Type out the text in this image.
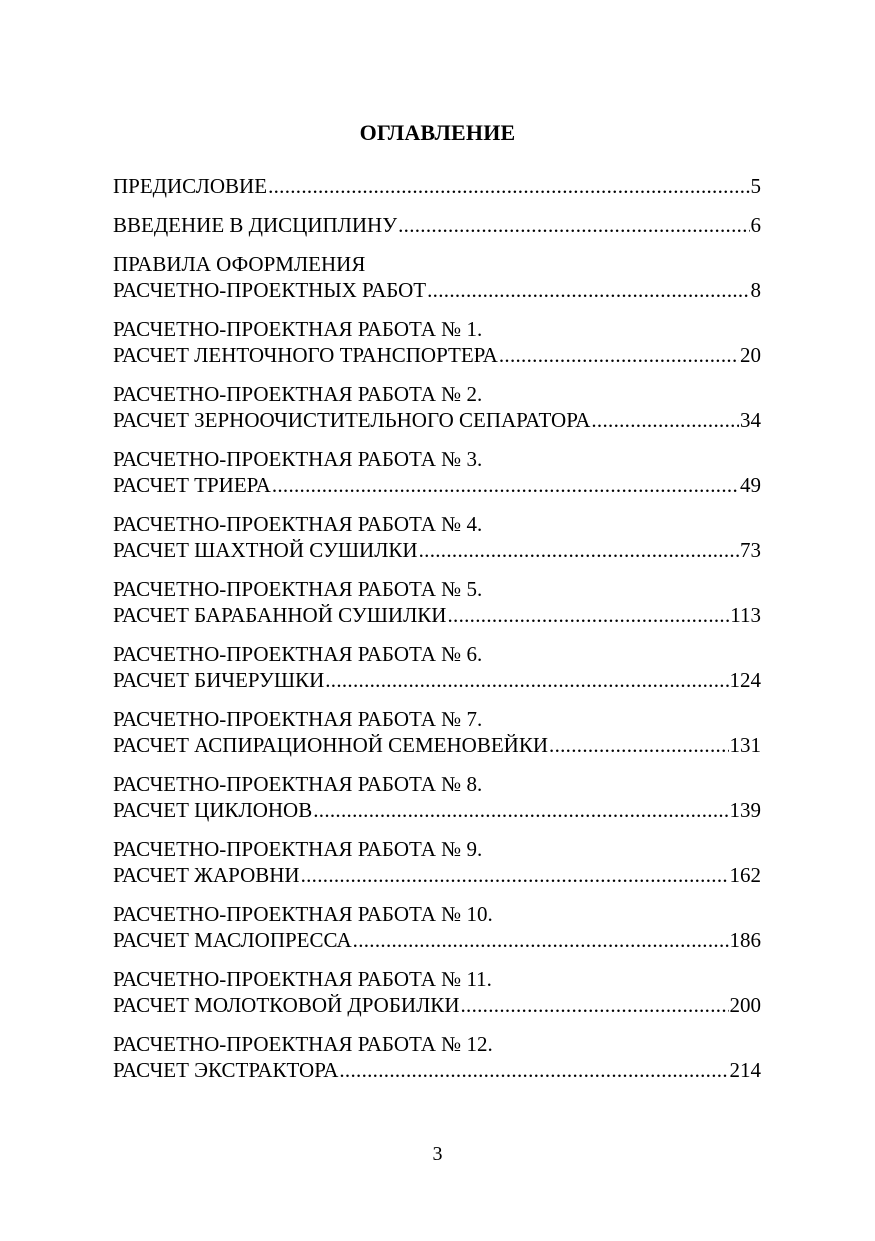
ОГЛАВЛЕНИЕ
ПРЕДИСЛОВИЕ .....	5
ВВЕДЕНИЕ В ДИСЦИПЛИНУ .....	6
ПРАВИЛА ОФОРМЛЕНИЯ
РАСЧЕТНО-ПРОЕКТНЫХ РАБОТ .....	8
РАСЧЕТНО-ПРОЕКТНАЯ РАБОТА № 1.
РАСЧЕТ ЛЕНТОЧНОГО ТРАНСПОРТЕРА .....	20
РАСЧЕТНО-ПРОЕКТНАЯ РАБОТА № 2.
РАСЧЕТ ЗЕРНООЧИСТИТЕЛЬНОГО СЕПАРАТОРА .....	34
РАСЧЕТНО-ПРОЕКТНАЯ РАБОТА № 3.
РАСЧЕТ ТРИЕРА .....	49
РАСЧЕТНО-ПРОЕКТНАЯ РАБОТА № 4.
РАСЧЕТ ШАХТНОЙ СУШИЛКИ .....	73
РАСЧЕТНО-ПРОЕКТНАЯ РАБОТА № 5.
РАСЧЕТ БАРАБАННОЙ СУШИЛКИ .....	113
РАСЧЕТНО-ПРОЕКТНАЯ РАБОТА № 6.
РАСЧЕТ БИЧЕРУШКИ .....	124
РАСЧЕТНО-ПРОЕКТНАЯ РАБОТА № 7.
РАСЧЕТ АСПИРАЦИОННОЙ СЕМЕНОВЕЙКИ .....	131
РАСЧЕТНО-ПРОЕКТНАЯ РАБОТА № 8.
РАСЧЕТ ЦИКЛОНОВ .....	139
РАСЧЕТНО-ПРОЕКТНАЯ РАБОТА № 9.
РАСЧЕТ ЖАРОВНИ .....	162
РАСЧЕТНО-ПРОЕКТНАЯ РАБОТА № 10.
РАСЧЕТ МАСЛОПРЕССА .....	186
РАСЧЕТНО-ПРОЕКТНАЯ РАБОТА № 11.
РАСЧЕТ МОЛОТКОВОЙ ДРОБИЛКИ .....	200
РАСЧЕТНО-ПРОЕКТНАЯ РАБОТА № 12.
РАСЧЕТ ЭКСТРАКТОРА .....	214
3
